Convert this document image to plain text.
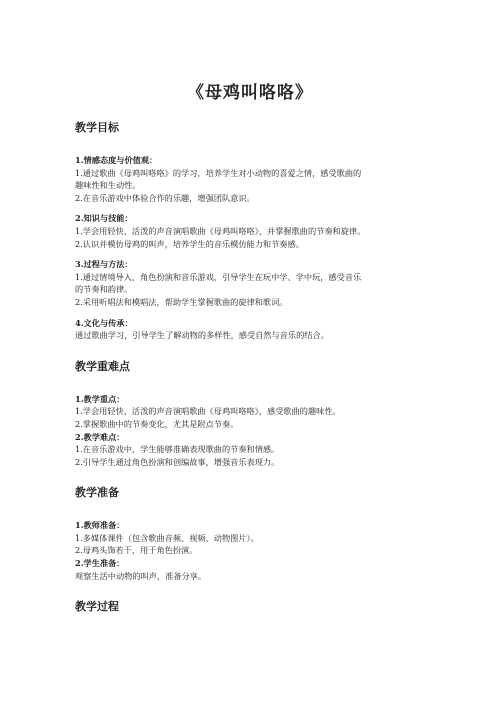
《母鸡叫咯咯》
教学目标
1.情感态度与价值观：
1.通过歌曲《母鸡叫咯咯》的学习，培养学生对小动物的喜爱之情，感受歌曲的
趣味性和生动性。
2.在音乐游戏中体验合作的乐趣，增强团队意识。
2.知识与技能：
1.学会用轻快、活泼的声音演唱歌曲《母鸡叫咯咯》，并掌握歌曲的节奏和旋律。
2.认识并模仿母鸡的叫声，培养学生的音乐模仿能力和节奏感。
3.过程与方法：
1.通过情境导入、角色扮演和音乐游戏，引导学生在玩中学、学中玩，感受音乐
的节奏和韵律。
2.采用听唱法和模唱法，帮助学生掌握歌曲的旋律和歌词。
4.文化与传承：
通过歌曲学习，引导学生了解动物的多样性，感受自然与音乐的结合。
教学重难点
1.教学重点：
1.学会用轻快、活泼的声音演唱歌曲《母鸡叫咯咯》，感受歌曲的趣味性。
2.掌握歌曲中的节奏变化，尤其是附点节奏。
2.教学难点：
1.在音乐游戏中，学生能够准确表现歌曲的节奏和情感。
2.引导学生通过角色扮演和创编故事，增强音乐表现力。
教学准备
1.教师准备：
1.多媒体课件（包含歌曲音频、视频、动物图片）。
2.母鸡头饰若干，用于角色扮演。
2.学生准备：
观察生活中动物的叫声，准备分享。
教学过程
